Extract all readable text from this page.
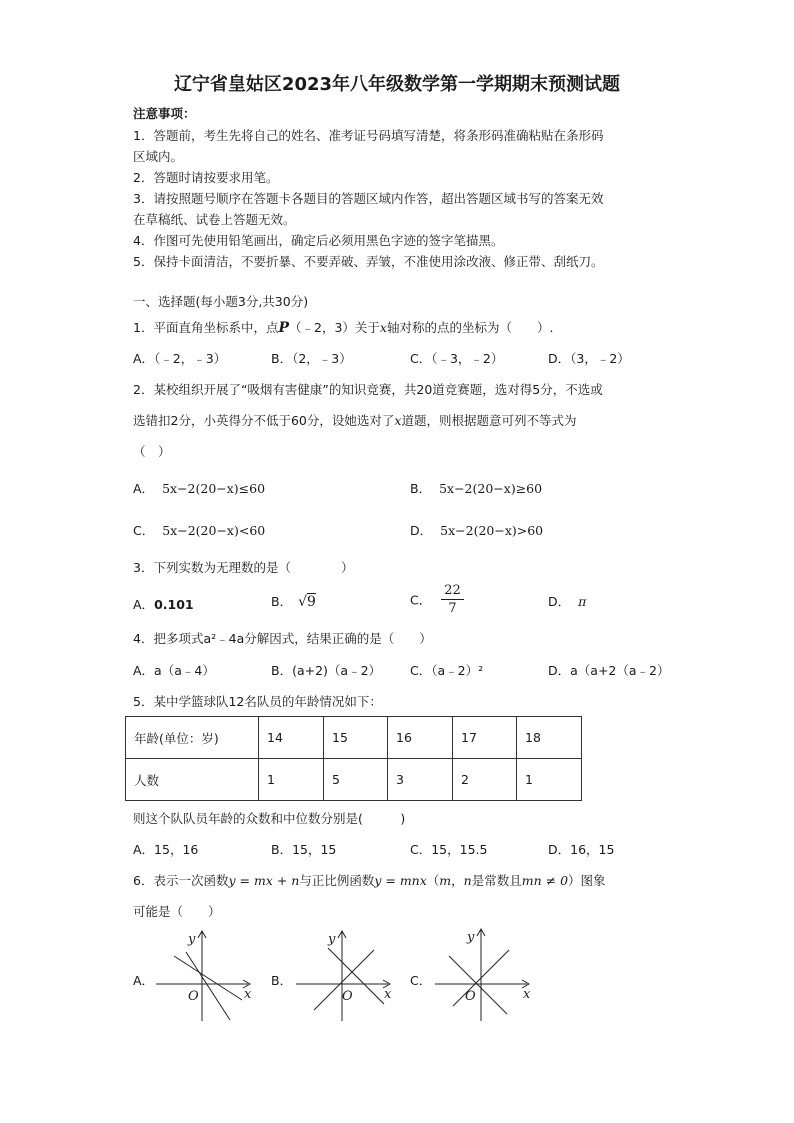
辽宁省皇姑区2023年八年级数学第一学期期末预测试题
注意事项：
1．答题前，考生先将自己的姓名、准考证号码填写清楚，将条形码准确粘贴在条形码
区域内。
2．答题时请按要求用笔。
3．请按照题号顺序在答题卡各题目的答题区域内作答，超出答题区域书写的答案无效
在草稿纸、试卷上答题无效。
4．作图可先使用铅笔画出，确定后必须用黑色字迹的签字笔描黑。
5．保持卡面清洁，不要折暴、不要弄破、弄皱，不准使用涂改液、修正带、刮纸刀。
一、选择题(每小题3分,共30分)
1．平面直角坐标系中，点P（﹣2，3）关于x轴对称的点的坐标为（　　）.
A．（﹣2，﹣3）	B．（2，﹣3）	C．（﹣3，﹣2）	D．（3，﹣2）
2．某校组织开展了“吸烟有害健康”的知识竞赛，共20道竞赛题，选对得5分，不选或
选错扣2分，小英得分不低于60分，设她选对了x道题，则根据题意可列不等式为
（　）
A． 5x−2(20−x)≤60	B． 5x−2(20−x)≥60
C． 5x−2(20−x)<60	D． 5x−2(20−x)>60
3．下列实数为无理数的是（　　　　）
A．0.101	B． √9	C． $\frac{22}{7}$	D． π
4．把多项式a²﹣4a分解因式，结果正确的是（　　）
A．a（a﹣4）	B．(a+2)（a﹣2） C．（a﹣2）²	D．a（a+2（a﹣2）
5．某中学篮球队12名队员的年龄情况如下：
年龄(单位：岁)	14	15	16	17	18
人数	1	5	3	2	1
则这个队队员年龄的众数和中位数分别是(　　　)
A．15，16	B．15，15	C．15，15.5	D．16，15
6．表示一次函数y = mx + n与正比例函数y = mnx（m，n是常数且mn ≠ 0）图象
可能是（　　）
A．
y
x
O
B．
y
x
O
C．
y
x
O
